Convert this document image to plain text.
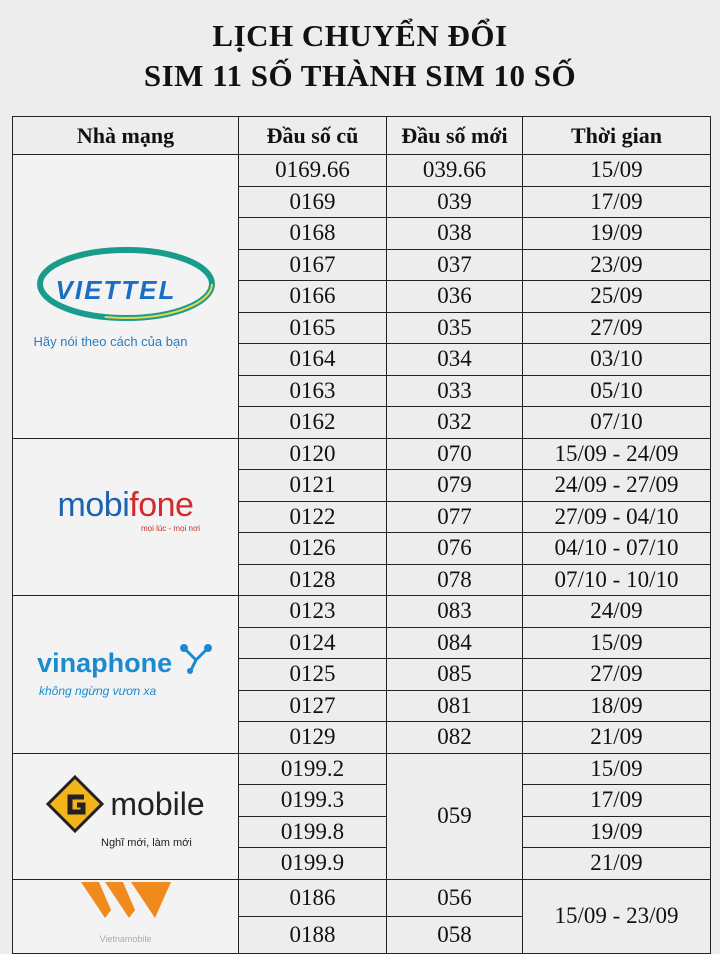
LỊCH CHUYỂN ĐỔI
SIM 11 SỐ THÀNH SIM 10 SỐ
Nhà mạng	Đầu số cũ	Đầu số mới	Thời gian

VIETTEL
Hãy nói theo cách của bạn	0169.66	039.66	15/09
	0169	039	17/09
	0168	038	19/09
	0167	037	23/09
	0166	036	25/09
	0165	035	27/09
	0164	034	03/10
	0163	033	05/10
	0162	032	07/10

mobifone
mọi lúc - mọi nơi	0120	070	15/09 - 24/09
	0121	079	24/09 - 27/09
	0122	077	27/09 - 04/10
	0126	076	04/10 - 07/10
	0128	078	07/10 - 10/10

vinaphone
không ngừng vươn xa	0123	083	24/09
	0124	084	15/09
	0125	085	27/09
	0127	081	18/09
	0129	082	21/09

mobile
Nghĩ mới, làm mới	0199.2	059	15/09
	0199.3		17/09
	0199.8		19/09
	0199.9		21/09

Vietnamobile	0186	056	15/09 - 23/09
	0188	058	
